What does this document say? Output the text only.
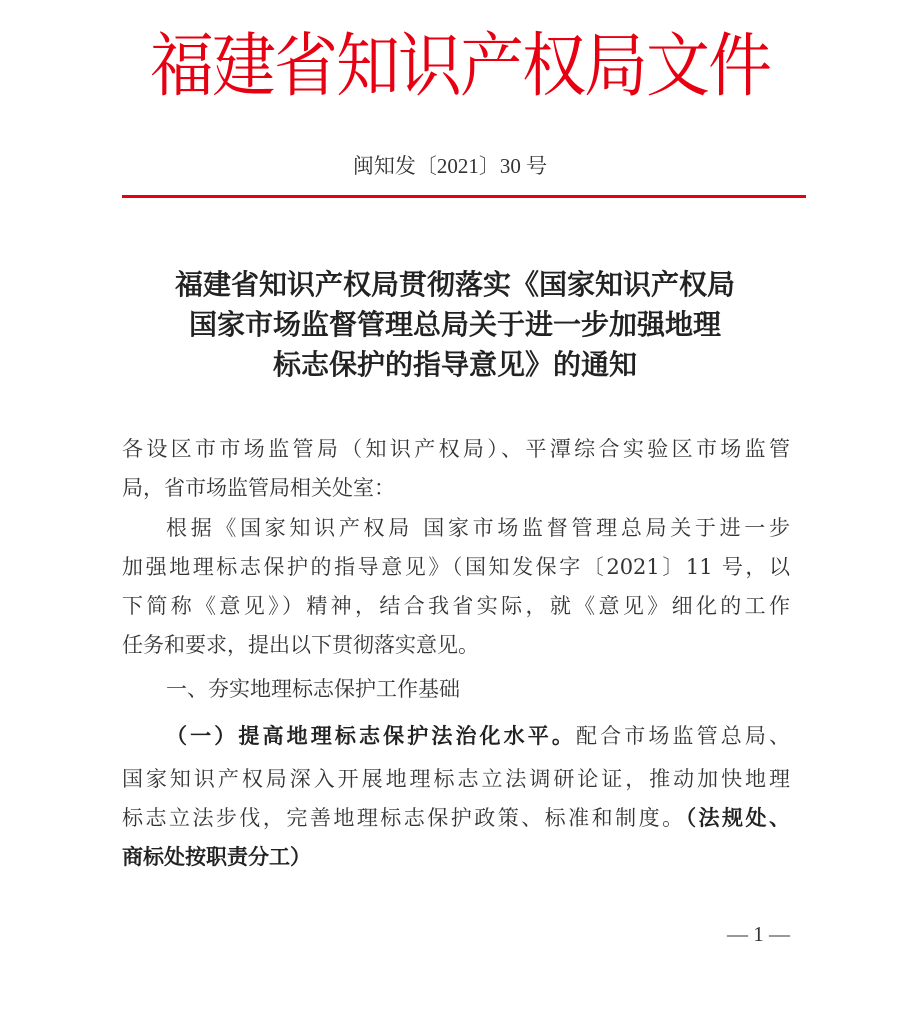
福建省知识产权局文件
闽知发〔2021〕30 号
福建省知识产权局贯彻落实《国家知识产权局
国家市场监督管理总局关于进一步加强地理
标志保护的指导意见》的通知
各设区市市场监管局（知识产权局）、平潭综合实验区市场监管
局，省市场监管局相关处室：
根据《国家知识产权局 国家市场监督管理总局关于进一步
加强地理标志保护的指导意见》（国知发保字〔2021〕11 号，以
下简称《意见》）精神，结合我省实际，就《意见》细化的工作
任务和要求，提出以下贯彻落实意见。
一、夯实地理标志保护工作基础
（一）提高地理标志保护法治化水平。配合市场监管总局、
国家知识产权局深入开展地理标志立法调研论证，推动加快地理
标志立法步伐，完善地理标志保护政策、标准和制度。（法规处、
商标处按职责分工）
— 1 —
